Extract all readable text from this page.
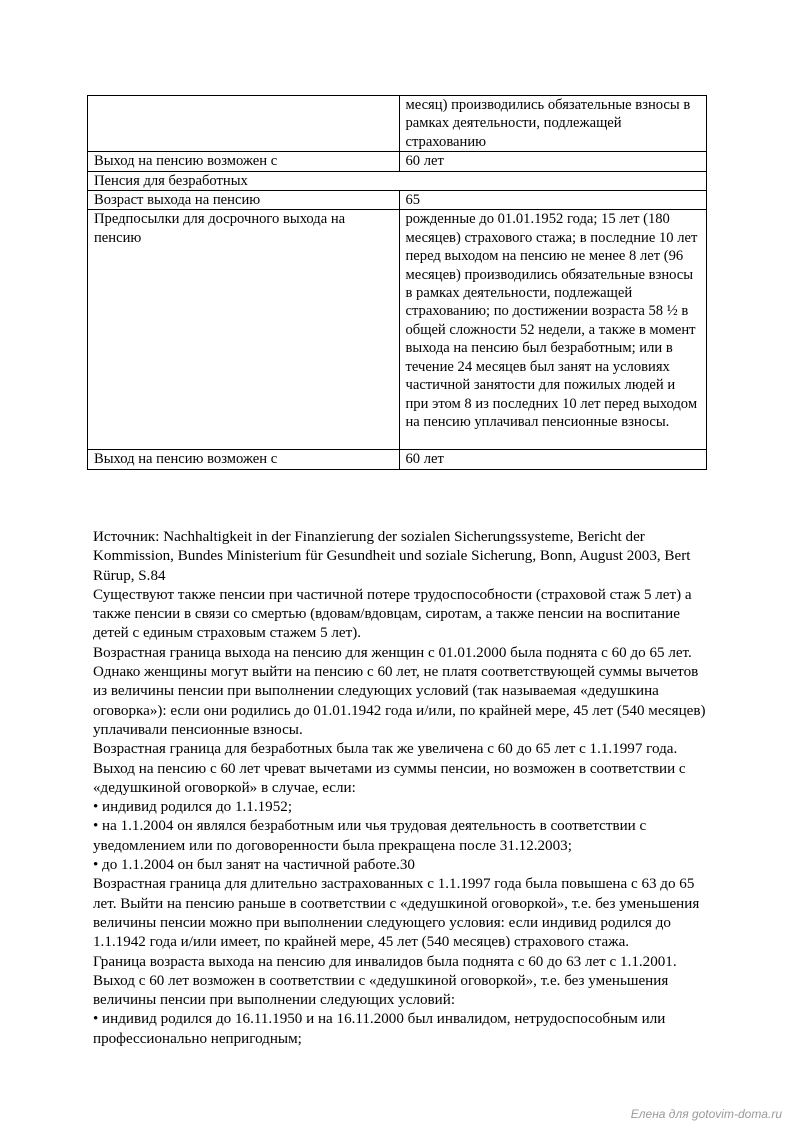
	месяц) производились обязательные взносы в рамках деятельности, подлежащей страхованию
Выход на пенсию возможен с	60 лет
Пенсия для безработных	
Возраст выхода на пенсию	65
Предпосылки для досрочного выхода на пенсию	рожденные до 01.01.1952 года; 15 лет (180 месяцев) страхового стажа; в последние 10 лет перед выходом на пенсию не менее 8 лет (96 месяцев) производились обязательные взносы в рамках деятельности, подлежащей страхованию; по достижении возраста 58 ½ в общей сложности 52 недели, а также в момент выхода на пенсию был безработным; или в течение 24 месяцев был занят на условиях частичной занятости для пожилых людей и при этом 8 из последних 10 лет перед выходом на пенсию уплачивал пенсионные взносы.
Выход на пенсию возможен с	60 лет

Источник: Nachhaltigkeit in der Finanzierung der sozialen Sicherungssysteme, Bericht der Kommission, Bundes Ministerium für Gesundheit und soziale Sicherung, Bonn, August 2003, Bert Rürup, S.84

Существуют также пенсии при частичной потере трудоспособности (страховой стаж 5 лет) а также пенсии в связи со смертью (вдовам/вдовцам, сиротам, а также пенсии на воспитание детей с единым страховым стажем 5 лет).

Возрастная граница выхода на пенсию для женщин с 01.01.2000 была поднята с 60 до 65 лет. Однако женщины могут выйти на пенсию с 60 лет, не платя соответствующей суммы вычетов из величины пенсии при выполнении следующих условий (так называемая «дедушкина оговорка»): если они родились до 01.01.1942 года и/или, по крайней мере, 45 лет (540 месяцев) уплачивали пенсионные взносы.

Возрастная граница для безработных была так же увеличена с 60 до 65 лет с 1.1.1997 года. Выход на пенсию с 60 лет чреват вычетами из суммы пенсии, но возможен в соответствии с «дедушкиной оговоркой» в случае, если:

• индивид родился до 1.1.1952;

• на 1.1.2004 он являлся безработным или чья трудовая деятельность в соответствии с уведомлением или по договоренности была прекращена после 31.12.2003;

• до 1.1.2004 он был занят на частичной работе.30

Возрастная граница для длительно застрахованных с 1.1.1997 года была повышена с 63 до 65 лет. Выйти на пенсию раньше в соответствии с «дедушкиной оговоркой», т.е. без уменьшения величины пенсии можно при выполнении следующего условия: если индивид родился до 1.1.1942 года и/или имеет, по крайней мере, 45 лет (540 месяцев) страхового стажа.

Граница возраста выхода на пенсию для инвалидов была поднята с 60 до 63 лет с 1.1.2001. Выход с 60 лет возможен в соответствии с «дедушкиной оговоркой», т.е. без уменьшения величины пенсии при выполнении следующих условий:

• индивид родился до 16.11.1950 и на 16.11.2000 был инвалидом, нетрудоспособным или профессионально непригодным;

Елена для gotovim-doma.ru
